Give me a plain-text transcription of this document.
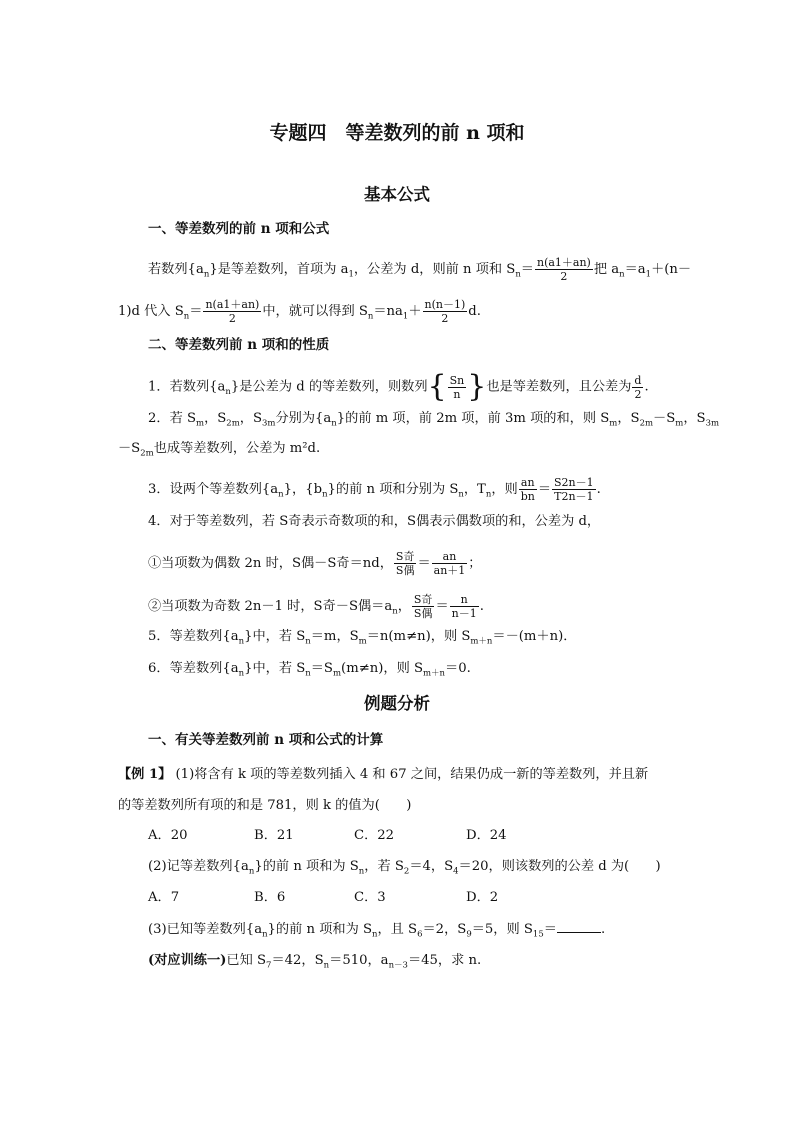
专题四　等差数列的前 n 项和
基本公式
一、等差数列的前 n 项和公式
若数列$\{a_n\}$是等差数列，首项为 $a_1$，公差为 d，则前 n 项和 $S_n= \frac{n(a1+an)}{2}$ 把 $a_n=a_1+(n-$
1)d 代入 $S_n= \frac{n(a1+an)}{2}$ 中，就可以得到 $S_n=na_1+ \frac{n(n-1)}{2} d$.
二、等差数列前 n 项和的性质
1．若数列$\{a_n\}$是公差为 d 的等差数列，则数列{ $\frac{Sn}{n}$ }也是等差数列，且公差为 $\frac{d}{2}$ .
2．若 $S_m$，$S_{2m}$，$S_{3m}$分别为$\{a_n\}$的前 m 项，前 2m 项，前 3m 项的和，则 $S_m$，$S_{2m}-S_m$，$S_{3m}$
$-S_{2m}$也成等差数列，公差为 m²d.
3．设两个等差数列$\{a_n\}$，$\{b_n\}$的前 n 项和分别为 $S_n$，$T_n$，则 $\frac{an}{bn} = \frac{S2n-1}{T2n-1}$ .
4．对于等差数列，若 S奇表示奇数项的和，S偶表示偶数项的和，公差为 d，
①当项数为偶数 2n 时，S偶－S奇＝nd， $\frac{\text{S奇}}{\text{S偶}} = \frac{an}{an+1}$ ；
②当项数为奇数 2n－1 时，S奇－S偶$=a_n$， $\frac{\text{S奇}}{\text{S偶}} = \frac{n}{n-1}$ .
5．等差数列$\{a_n\}$中，若 $S_n=m$，$S_m=n(m\ne n)$，则 $S_{m+n}=-(m+n)$．
6．等差数列$\{a_n\}$中，若 $S_n=S_m(m\ne n)$，则 $S_{m+n}=0$.
例题分析
一、有关等差数列前 n 项和公式的计算
【例 1】 (1)将含有 k 项的等差数列插入 4 和 67 之间，结果仍成一新的等差数列，并且新
的等差数列所有项的和是 781，则 k 的值为(　　)
A．20	B．21	C．22	D．24
(2)记等差数列$\{a_n\}$的前 n 项和为 $S_n$，若 $S_2=4$，$S_4=20$，则该数列的公差 d 为(　　)
A．7	B．6	C．3	D．2
(3)已知等差数列$\{a_n\}$的前 n 项和为 $S_n$，且 $S_6=2$，$S_9=5$，则 $S_{15}=$	.
(对应训练一)已知 $S_7=42$，$S_n=510$，$a_{n-3}=45$，求 n.
